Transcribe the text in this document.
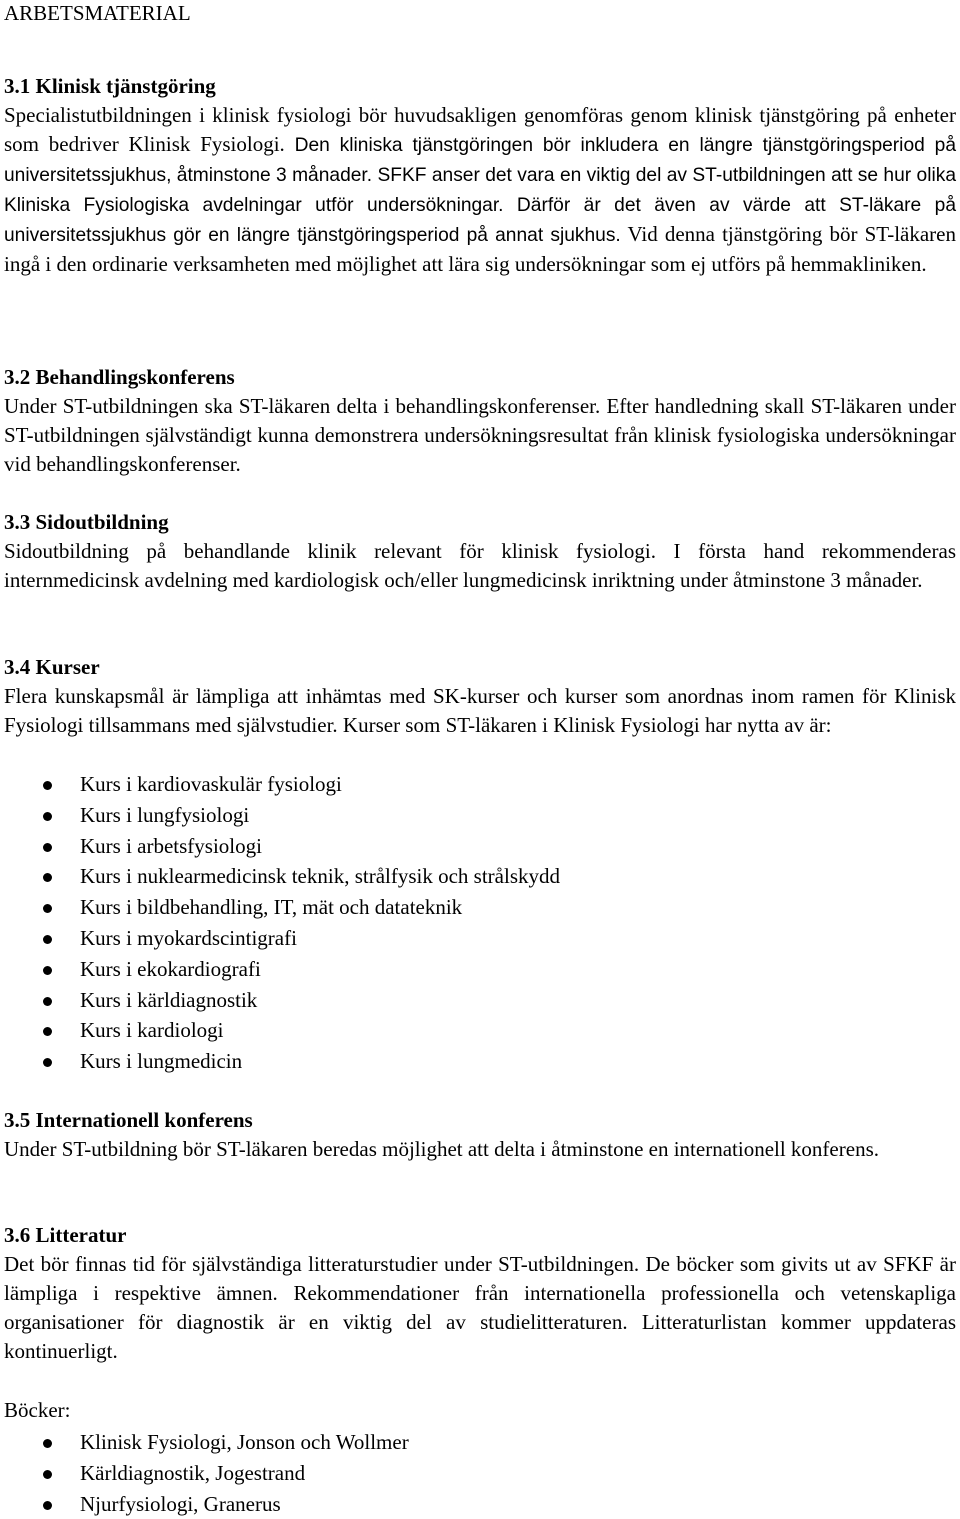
ARBETSMATERIAL
3.1 Klinisk tjänstgöring

Specialistutbildningen i klinisk fysiologi bör huvudsakligen genomföras genom klinisk tjänstgöring på enheter som bedriver Klinisk Fysiologi. Den kliniska tjänstgöringen bör inkludera en längre tjänstgöringsperiod på universitetssjukhus, åtminstone 3 månader. SFKF anser det vara en viktig del av ST-utbildningen att se hur olika Kliniska Fysiologiska avdelningar utför undersökningar. Därför är det även av värde att ST-läkare på universitetssjukhus gör en längre tjänstgöringsperiod på annat sjukhus. Vid denna tjänstgöring bör ST-läkaren ingå i den ordinarie verksamheten med möjlighet att lära sig undersökningar som ej utförs på hemmakliniken.

3.2 Behandlingskonferens

Under ST-utbildningen ska ST-läkaren delta i behandlingskonferenser. Efter handledning skall ST-läkaren under ST-utbildningen självständigt kunna demonstrera undersökningsresultat från klinisk fysiologiska undersökningar vid behandlingskonferenser.

3.3 Sidoutbildning

Sidoutbildning på behandlande klinik relevant för klinisk fysiologi. I första hand rekommenderas internmedicinsk avdelning med kardiologisk och/eller lungmedicinsk inriktning under åtminstone 3 månader.

3.4 Kurser

Flera kunskapsmål är lämpliga att inhämtas med SK-kurser och kurser som anordnas inom ramen för Klinisk Fysiologi tillsammans med självstudier. Kurser som ST-läkaren i Klinisk Fysiologi har nytta av är:

Kurs i kardiovaskulär fysiologi
Kurs i lungfysiologi
Kurs i arbetsfysiologi
Kurs i nuklearmedicinsk teknik, strålfysik och strålskydd
Kurs i bildbehandling, IT, mät och datateknik
Kurs i myokardscintigrafi
Kurs i ekokardiografi
Kurs i kärldiagnostik
Kurs i kardiologi
Kurs i lungmedicin
3.5 Internationell konferens

Under ST-utbildning bör ST-läkaren beredas möjlighet att delta i åtminstone en internationell konferens.

3.6 Litteratur

Det bör finnas tid för självständiga litteraturstudier under ST-utbildningen. De böcker som givits ut av SFKF är lämpliga i respektive ämnen. Rekommendationer från internationella professionella och vetenskapliga organisationer för diagnostik är en viktig del av studielitteraturen. Litteraturlistan kommer uppdateras kontinuerligt.

Böcker:
Klinisk Fysiologi, Jonson och Wollmer
Kärldiagnostik, Jogestrand
Njurfysiologi, Granerus
